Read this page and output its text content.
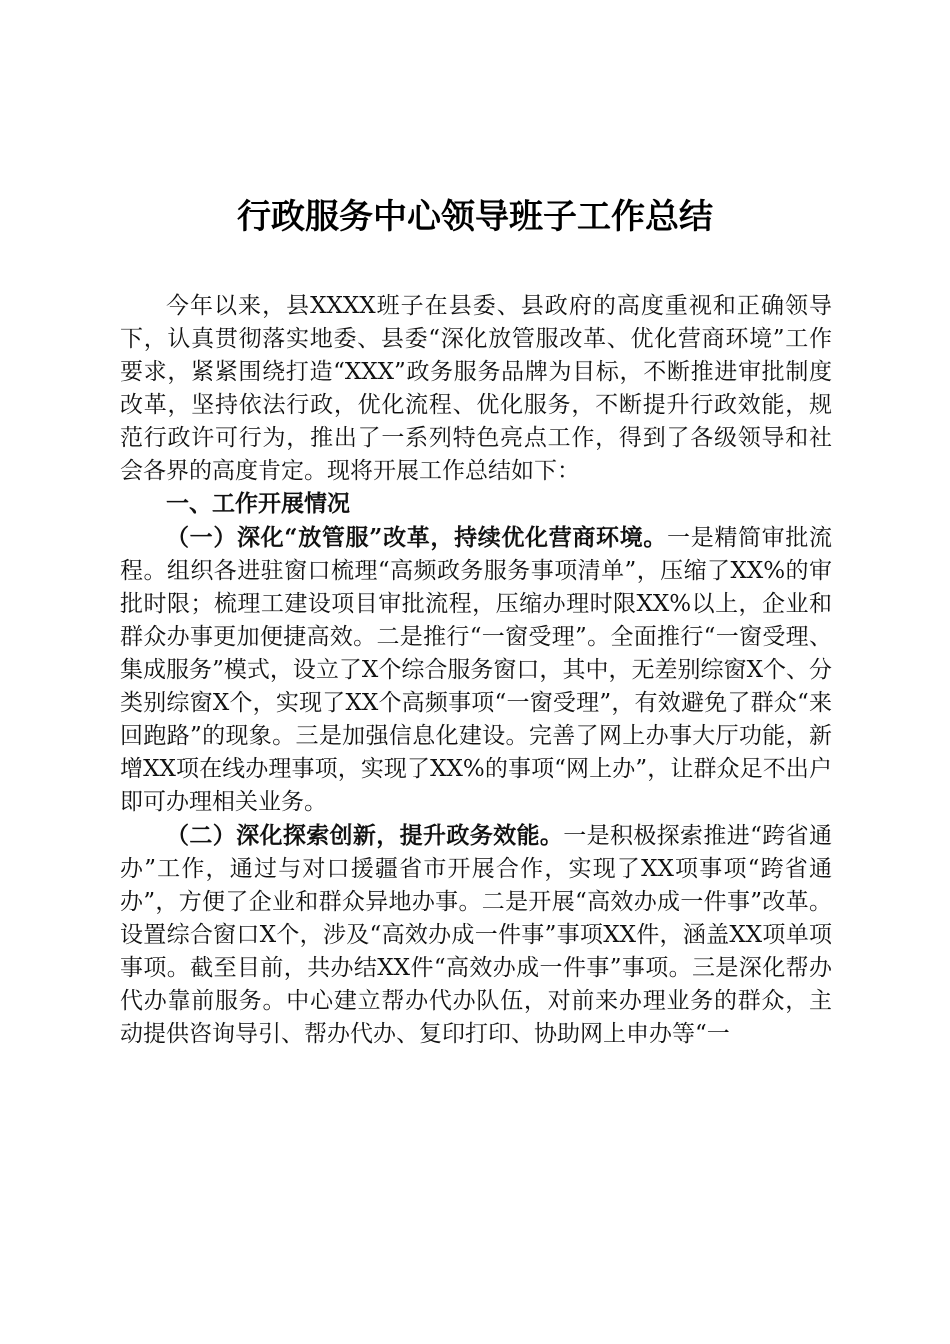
行政服务中心领导班子工作总结

今年以来，县XXXX班子在县委、县政府的高度重视和正确领导下，认真贯彻落实地委、县委“深化放管服改革、优化营商环境”工作要求，紧紧围绕打造“XXX”政务服务品牌为目标，不断推进审批制度改革，坚持依法行政，优化流程、优化服务，不断提升行政效能，规范行政许可行为，推出了一系列特色亮点工作，得到了各级领导和社会各界的高度肯定。现将开展工作总结如下：

一、工作开展情况

（一）深化“放管服”改革，持续优化营商环境。一是精简审批流程。组织各进驻窗口梳理“高频政务服务事项清单”，压缩了XX%的审批时限；梳理工建设项目审批流程，压缩办理时限XX%以上，企业和群众办事更加便捷高效。二是推行“一窗受理”。全面推行“一窗受理、集成服务”模式，设立了X个综合服务窗口，其中，无差别综窗X个、分类别综窗X个，实现了XX个高频事项“一窗受理”，有效避免了群众“来回跑路”的现象。三是加强信息化建设。完善了网上办事大厅功能，新增XX项在线办理事项，实现了XX%的事项“网上办”，让群众足不出户即可办理相关业务。

（二）深化探索创新，提升政务效能。一是积极探索推进“跨省通办”工作，通过与对口援疆省市开展合作，实现了XX项事项“跨省通办”，方便了企业和群众异地办事。二是开展“高效办成一件事”改革。设置综合窗口X个，涉及“高效办成一件事”事项XX件，涵盖XX项单项事项。截至目前，共办结XX件“高效办成一件事”事项。三是深化帮办代办靠前服务。中心建立帮办代办队伍，对前来办理业务的群众，主动提供咨询导引、帮办代办、复印打印、协助网上申办等“一
